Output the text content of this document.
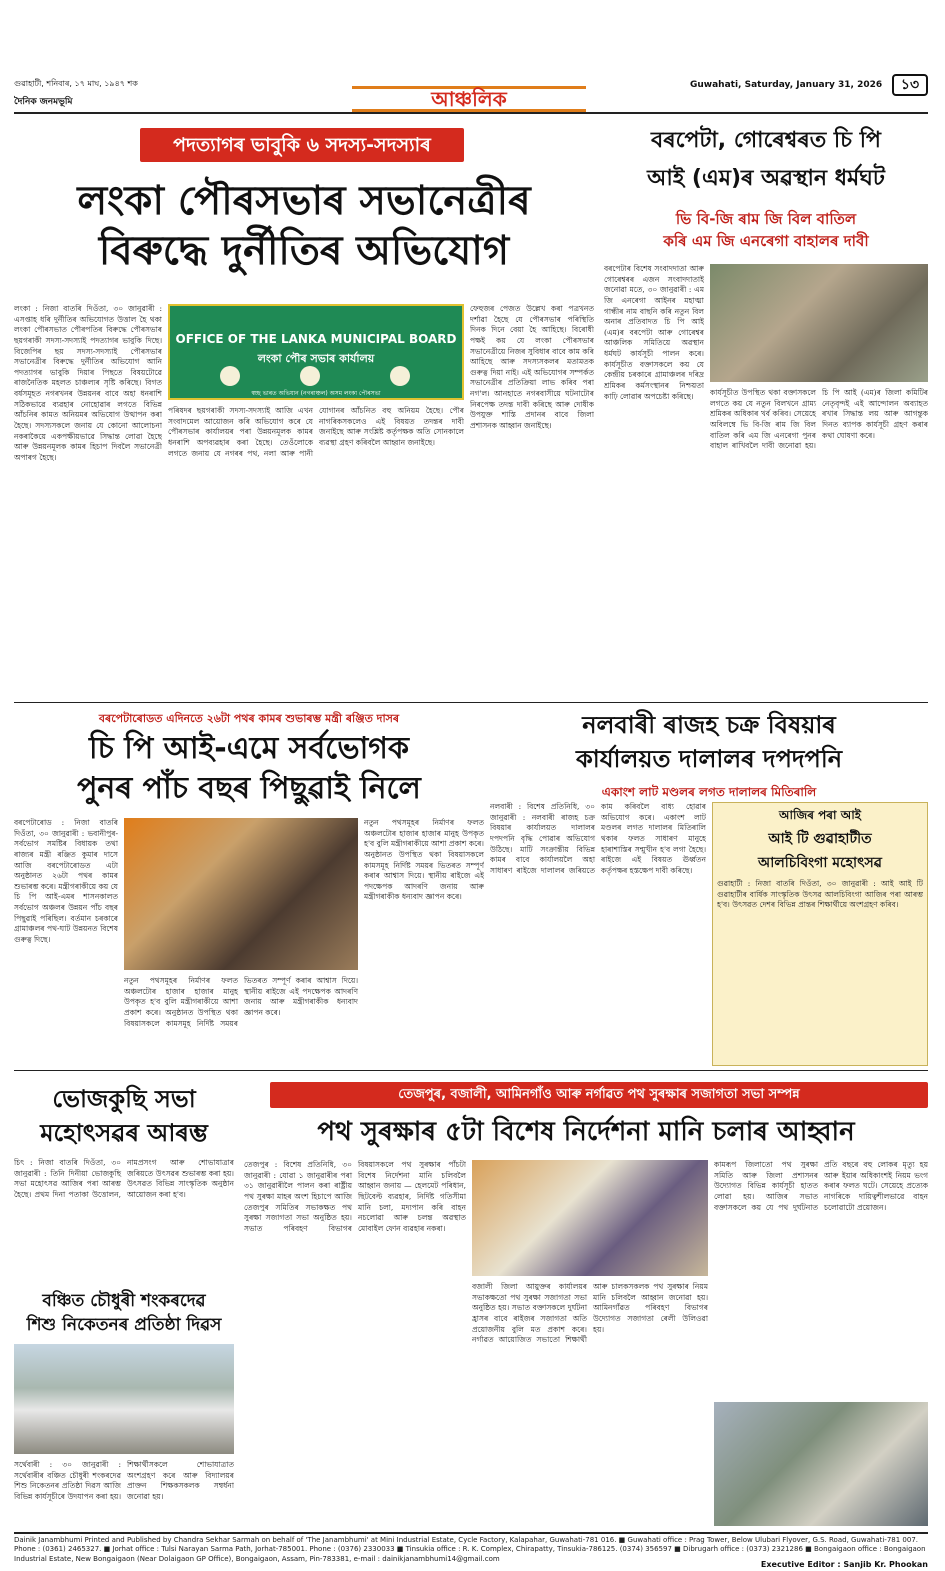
গুৱাহাটী, শনিবাৰ, ১৭ মাঘ, ১৯৪৭ শক
দৈনিক জনমভূমি	আঞ্চলিক
Guwahati, Saturday, January 31, 2026	১৩
পদত্যাগৰ ভাবুকি ৬ সদস্য-সদস্যাৰ
লংকা পৌৰসভাৰ সভানেত্ৰীৰ
বিৰুদ্ধে দুৰ্নীতিৰ অভিযোগ
লংকা : নিজা বাতৰি দিওঁতা, ৩০ জানুৱাৰী : এসপ্তাহ ধৰি দুৰ্নীতিৰ অভিযোগত উত্তাল হৈ থকা লংকা পৌৰসভাত পৌৰপতিৰ বিৰুদ্ধে পৌৰসভাৰ ছয়গৰাকী সদস্য-সদস্যাই পদত্যাগৰ ভাবুকি দিছে। বিজেপিৰ ছয় সদস্য-সদস্যাই পৌৰসভাৰ সভানেত্ৰীৰ বিৰুদ্ধে দুৰ্নীতিৰ অভিযোগ আনি পদত্যাগৰ ভাবুকি দিয়াৰ পিছতে বিষয়টোৱে ৰাজনৈতিক মহলত চাঞ্চল্যৰ সৃষ্টি কৰিছে। বিগত বৰ্ষসমূহত নগৰখনৰ উন্নয়নৰ বাবে অহা ধনৰাশি সঠিকভাৱে ব্যৱহাৰ নোহোৱাৰ লগতে বিভিন্ন আঁচনিৰ কামত অনিয়মৰ অভিযোগ উত্থাপন কৰা হৈছে। সদস্যসকলে জনায় যে কোনো আলোচনা নকৰাকৈয়ে একপক্ষীয়ভাৱে সিদ্ধান্ত লোৱা হৈছে আৰু উন্নয়নমূলক কামৰ হিচাপ দিবলৈ সভানেত্ৰী অপাৰগ হৈছে।
OFFICE OF THE LANKA MUNICIPAL BOARD
লংকা পৌৰ সভাৰ কাৰ্যালয়
স্বচ্ছ ভাৰত অভিযান (নগৰাঞ্চল) অসম লংকা পৌৰসভা
পৰিষদৰ ছয়গৰাকী সদস্য-সদস্যাই আজি এখন সংবাদমেল আয়োজন কৰি অভিযোগ কৰে যে পৌৰসভাৰ কাৰ্যালয়ৰ পৰা উন্নয়নমূলক কামৰ ধনৰাশি অপব্যৱহাৰ কৰা হৈছে। তেওঁলোকে লগতে জনায় যে নগৰৰ পথ, নলা আৰু পানী যোগানৰ আঁচনিত বহু অনিয়ম হৈছে। পৌৰ নাগৰিকসকলেও এই বিষয়ত তদন্তৰ দাবী জনাইছে আৰু সংশ্লিষ্ট কৰ্তৃপক্ষক অতি সোনকালে ব্যৱস্থা গ্ৰহণ কৰিবলৈ আহ্বান জনাইছে।
ফেহুজৰ পেজত উল্লেখ কৰা পত্ৰখনত দৰ্শাৱা হৈছে যে পৌৰসভাৰ পৰিস্থিতি দিনক দিনে বেয়া হৈ আহিছে। বিৰোধী পক্ষই কয় যে লংকা পৌৰসভাৰ সভানেত্ৰীয়ে নিজৰ সুবিধাৰ বাবে কাম কৰি আহিছে আৰু সদস্যসকলৰ মতামতক গুৰুত্ব দিয়া নাই। এই অভিযোগৰ সম্পৰ্কত সভানেত্ৰীৰ প্ৰতিক্ৰিয়া লাভ কৰিব পৰা নগ'ল। আনহাতে নগৰবাসীয়ে ঘটনাটোৰ নিৰপেক্ষ তদন্ত দাবী কৰিছে আৰু দোষীক উপযুক্ত শাস্তি প্ৰদানৰ বাবে জিলা প্ৰশাসনক আহ্বান জনাইছে।
বৰপেটা, গোৰেশ্বৰত চি পি
আই (এম)ৰ অৱস্থান ধৰ্মঘট
ভি বি-জি ৰাম জি বিল বাতিল
কৰি এম জি এনৰেগা বাহালৰ দাবী
বৰপেটাৰ বিশেষ সংবাদদাতা আৰু গোৰেশ্বৰৰ এজন সংবাদদাতাই জনোৱা মতে, ৩০ জানুৱাৰী : এম জি এনৰেগা আইনৰ মহাত্মা গান্ধীৰ নাম বাছনি কৰি নতুন বিল অনাৰ প্ৰতিবাদত চি পি আই (এম)ৰ বৰপেটা আৰু গোৰেশ্বৰ আঞ্চলিক সমিতিয়ে অৱস্থান ধৰ্মঘট কাৰ্যসূচী পালন কৰে। কাৰ্যসূচীত বক্তাসকলে কয় যে কেন্দ্ৰীয় চৰকাৰে গ্ৰামাঞ্চলৰ দৰিদ্ৰ শ্ৰমিকৰ কৰ্মসংস্থানৰ নিশ্চয়তা কাঢ়ি লোৱাৰ অপচেষ্টা কৰিছে।	কাৰ্যসূচীত উপস্থিত থকা বক্তাসকলে লগতে কয় যে নতুন বিলখনে গ্ৰাম্য শ্ৰমিকৰ অধিকাৰ খৰ্ব কৰিব। সেয়েহে অবিলম্বে ভি বি-জি ৰাম জি বিল বাতিল কৰি এম জি এনৰেগা পুনৰ বাহাল ৰাখিবলৈ দাবী জনোৱা হয়। চি পি আই (এম)ৰ জিলা কমিটিৰ নেতৃবৃন্দই এই আন্দোলন অব্যাহত ৰখাৰ সিদ্ধান্ত লয় আৰু আগন্তুক দিনত ব্যাপক কাৰ্যসূচী গ্ৰহণ কৰাৰ কথা ঘোষণা কৰে।
বৰপেটাৰোডত এদিনতে ২৬টা পথৰ কামৰ শুভাৰম্ভ মন্ত্ৰী ৰঞ্জিত দাসৰ
চি পি আই-এমে সৰ্বভোগক
পুনৰ পাঁচ বছৰ পিছুৱাই নিলে
বৰপেটাৰোড : নিজা বাতৰি দিওঁতা, ৩০ জানুৱাৰী : ভবানীপুৰ-সৰ্বভোগ সমষ্টিৰ বিধায়ক তথা ৰাজ্যৰ মন্ত্ৰী ৰঞ্জিত কুমাৰ দাসে আজি বৰপেটাৰোডত এটা অনুষ্ঠানত ২৬টা পথৰ কামৰ শুভাৰম্ভ কৰে। মন্ত্ৰীগৰাকীয়ে কয় যে চি পি আই-এমৰ শাসনকালত সৰ্বভোগ অঞ্চলৰ উন্নয়ন পাঁচ বছৰ পিছুৱাই পৰিছিল। বৰ্তমান চৰকাৰে গ্ৰামাঞ্চলৰ পথ-ঘাট উন্নয়নত বিশেষ গুৰুত্ব দিছে।
নতুন পথসমূহৰ নিৰ্মাণৰ ফলত অঞ্চলটোৰ হাজাৰ হাজাৰ মানুহ উপকৃত হ'ব বুলি মন্ত্ৰীগৰাকীয়ে আশা প্ৰকাশ কৰে। অনুষ্ঠানত উপস্থিত থকা বিষয়াসকলে কামসমূহ নিৰ্দিষ্ট সময়ৰ ভিতৰত সম্পূৰ্ণ কৰাৰ আশ্বাস দিয়ে। স্থানীয় ৰাইজে এই পদক্ষেপক আদৰণি জনায় আৰু মন্ত্ৰীগৰাকীক ধন্যবাদ জ্ঞাপন কৰে।
নতুন পথসমূহৰ নিৰ্মাণৰ ফলত অঞ্চলটোৰ হাজাৰ হাজাৰ মানুহ উপকৃত হ'ব বুলি মন্ত্ৰীগৰাকীয়ে আশা প্ৰকাশ কৰে। অনুষ্ঠানত উপস্থিত থকা বিষয়াসকলে কামসমূহ নিৰ্দিষ্ট সময়ৰ ভিতৰত সম্পূৰ্ণ কৰাৰ আশ্বাস দিয়ে। স্থানীয় ৰাইজে এই পদক্ষেপক আদৰণি জনায় আৰু মন্ত্ৰীগৰাকীক ধন্যবাদ জ্ঞাপন কৰে।
নলবাৰী ৰাজহ চক্ৰ বিষয়াৰ
কাৰ্যালয়ত দালালৰ দপদপনি
একাংশ লাট মণ্ডলৰ লগত দালালৰ মিতিৰালি
নলবাৰী : বিশেষ প্ৰতিনিধি, ৩০ জানুৱাৰী : নলবাৰী ৰাজহ চক্ৰ বিষয়াৰ কাৰ্যালয়ত দালালৰ দপদপনি বৃদ্ধি পোৱাৰ অভিযোগ উঠিছে। মাটি সংক্ৰান্তীয় বিভিন্ন কামৰ বাবে কাৰ্যালয়লৈ অহা সাধাৰণ ৰাইজে দালালৰ জৰিয়তে কাম কৰিবলৈ বাধ্য হোৱাৰ অভিযোগ কৰে। একাংশ লাট মণ্ডলৰ লগত দালালৰ মিতিৰালি থকাৰ ফলত সাধাৰণ মানুহে হাৰাশাস্তিৰ সন্মুখীন হ'ব লগা হৈছে। ৰাইজে এই বিষয়ত ঊৰ্ধ্বতন কৰ্তৃপক্ষৰ হস্তক্ষেপ দাবী কৰিছে।
আজিৰ পৰা আই
আই টি গুৱাহাটীত
আলচিবিংগা মহোৎসৱ
গুৱাহাটী : নিজা বাতৰি দিওঁতা, ৩০ জানুৱাৰী : আই আই টি গুৱাহাটীৰ বাৰ্ষিক সাংস্কৃতিক উৎসৱ আলচিবিংগা আজিৰ পৰা আৰম্ভ হ'ব। উৎসৱত দেশৰ বিভিন্ন প্ৰান্তৰ শিক্ষাৰ্থীয়ে অংশগ্ৰহণ কৰিব।
ভোজকুছি সভা
মহোৎসৱৰ আৰম্ভ
চিৎ : নিজা বাতৰি দিওঁতা, ৩০ জানুৱাৰী : তিনি দিনীয়া ভোজকুছি সভা মহোৎসৱ আজিৰ পৰা আৰম্ভ হৈছে। প্ৰথম দিনা পতাকা উত্তোলন, নামপ্ৰসংগ আৰু শোভাযাত্ৰাৰ জৰিয়তে উৎসৱৰ শুভাৰম্ভ কৰা হয়। উৎসৱত বিভিন্ন সাংস্কৃতিক অনুষ্ঠান আয়োজন কৰা হ'ব।
বঞ্চিত চৌধুৰী শংকৰদেৱ
শিশু নিকেতনৰ প্ৰতিষ্ঠা দিৱস
সৰ্থেবাৰী : ৩০ জানুৱাৰী : সৰ্থেবাৰীৰ বঞ্চিত চৌধুৰী শংকৰদেৱ শিশু নিকেতনৰ প্ৰতিষ্ঠা দিৱস আজি বিভিন্ন কাৰ্যসূচীৰে উদযাপন কৰা হয়। শিক্ষাৰ্থীসকলে শোভাযাত্ৰাত অংশগ্ৰহণ কৰে আৰু বিদ্যালয়ৰ প্ৰাক্তন শিক্ষকসকলক সম্বৰ্ধনা জনোৱা হয়।
তেজপুৰ, বজালী, আমিনগাঁও আৰু নৰ্গাৱত পথ সুৰক্ষাৰ সজাগতা সভা সম্পন্ন
পথ সুৰক্ষাৰ ৫টা বিশেষ নিৰ্দেশনা মানি চলাৰ আহ্বান
তেজপুৰ : বিশেষ প্ৰতিনিধি, ৩০ জানুৱাৰী : যোৱা ১ জানুৱাৰীৰ পৰা ৩১ জানুৱাৰীলৈ পালন কৰা ৰাষ্ট্ৰীয় পথ সুৰক্ষা মাহৰ অংশ হিচাপে আজি তেজপুৰ সমিতিৰ সভাকক্ষত পথ সুৰক্ষা সজাগতা সভা অনুষ্ঠিত হয়। সভাত পৰিবহণ বিভাগৰ বিষয়াসকলে পথ সুৰক্ষাৰ পাঁচটা বিশেষ নিৰ্দেশনা মানি চলিবলৈ আহ্বান জনায় — হেলমেট পৰিধান, ছিটবেল্ট ব্যৱহাৰ, নিৰ্দিষ্ট গতিসীমা মানি চলা, মদ্যপান কৰি বাহন নচলোৱা আৰু চলন্ত অৱস্থাত মোবাইল ফোন ব্যৱহাৰ নকৰা।
বজালী জিলা আয়ুক্তৰ কাৰ্যালয়ৰ সভাকক্ষতো পথ সুৰক্ষা সজাগতা সভা অনুষ্ঠিত হয়। সভাত বক্তাসকলে দুৰ্ঘটনা হ্ৰাসৰ বাবে ৰাইজৰ সজাগতা অতি প্ৰয়োজনীয় বুলি মত প্ৰকাশ কৰে। নৰ্গাৱত আয়োজিত সভাতো শিক্ষাৰ্থী আৰু চালকসকলক পথ সুৰক্ষাৰ নিয়ম মানি চলিবলৈ আহ্বান জনোৱা হয়। আমিনগাঁৱত পৰিবহণ বিভাগৰ উদ্যোগত সজাগতা ৰেলী উলিওৱা হয়।
কামৰূপ জিলাতো পথ সুৰক্ষা সমিতি আৰু জিলা প্ৰশাসনৰ উদ্যোগত বিভিন্ন কাৰ্যসূচী হাতত লোৱা হয়। আজিৰ সভাত বক্তাসকলে কয় যে পথ দুৰ্ঘটনাত প্ৰতি বছৰে বহু লোকৰ মৃত্যু হয় আৰু ইয়াৰ অধিকাংশই নিয়ম ভংগ কৰাৰ ফলত ঘটে। সেয়েহে প্ৰত্যেক নাগৰিকে দায়িত্বশীলভাৱে বাহন চলোৱাটো প্ৰয়োজন।
Dainik Janambhumi Printed and Published by Chandra Sekhar Sarmah on behalf of 'The Janambhumi' at Mini Industrial Estate, Cycle Factory, Kalapahar, Guwahati-781 016. ■ Guwahati office : Prag Tower, Below Ulubari Flyover, G.S. Road, Guwahati-781 007. Phone : (0361) 2465327. ■ Jorhat office : Tulsi Narayan Sarma Path, Jorhat-785001. Phone : (0376) 2330033 ■ Tinsukia office : R. K. Complex, Chirapatty, Tinsukia-786125. (0374) 356597 ■ Dibrugarh office : (0373) 2321286 ■ Bongaigaon office : Bongaigaon Industrial Estate, New Bongaigaon (Near Dolaigaon GP Office), Bongaigaon, Assam, Pin-783381, e-mail : dainikjanambhumi14@gmail.com
Executive Editor : Sanjib Kr. Phookan
